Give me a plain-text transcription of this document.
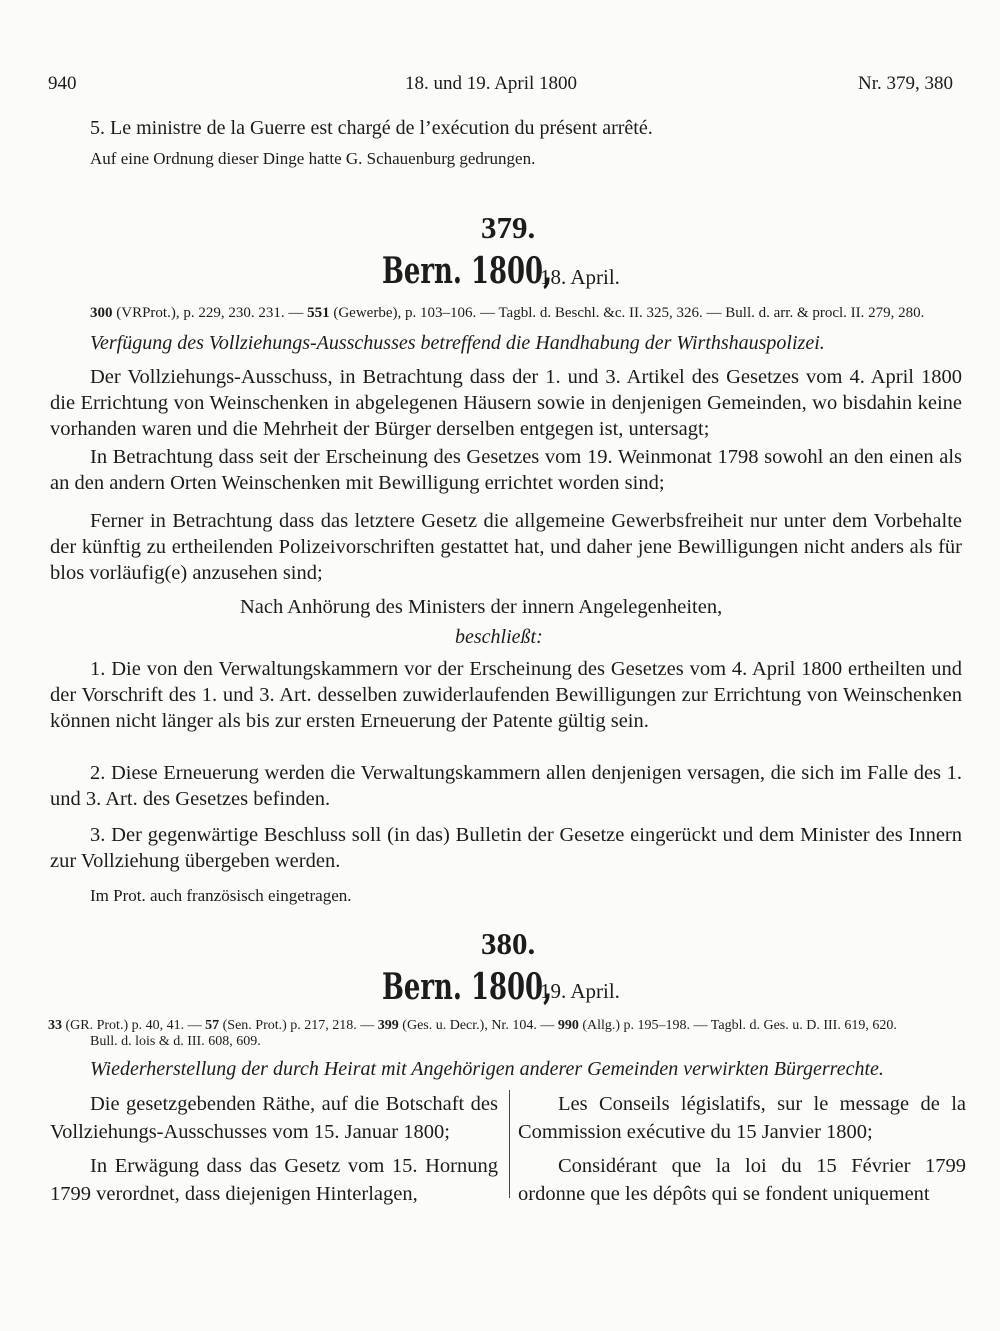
940	18. und 19. April 1800	Nr. 379, 380
5. Le ministre de la Guerre est chargé de l’exécution du présent arrêté.
Auf eine Ordnung dieser Dinge hatte G. Schauenburg gedrungen.
379.
Bern. 1800,
18. April.
300 (VRProt.), p. 229, 230. 231. — 551 (Gewerbe), p. 103–106. — Tagbl. d. Beschl. &c. II. 325, 326. — Bull. d. arr. & procl. II. 279, 280.
Verfügung des Vollziehungs-Ausschusses betreffend die Handhabung der Wirthshauspolizei.
Der Vollziehungs-Ausschuss, in Betrachtung dass der 1. und 3. Artikel des Gesetzes vom 4. April 1800 die Errichtung von Weinschenken in abgelegenen Häusern sowie in denjenigen Gemeinden, wo bisdahin keine vorhanden waren und die Mehrheit der Bürger derselben entgegen ist, untersagt;
In Betrachtung dass seit der Erscheinung des Gesetzes vom 19. Weinmonat 1798 sowohl an den einen als an den andern Orten Weinschenken mit Bewilligung errichtet worden sind;
Ferner in Betrachtung dass das letztere Gesetz die allgemeine Gewerbsfreiheit nur unter dem Vorbehalte der künftig zu ertheilenden Polizeivorschriften gestattet hat, und daher jene Bewilligungen nicht anders als für blos vorläufig(e) anzusehen sind;
Nach Anhörung des Ministers der innern Angelegenheiten,
beschließt:
1. Die von den Verwaltungskammern vor der Erscheinung des Gesetzes vom 4. April 1800 ertheilten und der Vorschrift des 1. und 3. Art. desselben zuwiderlaufenden Bewilligungen zur Errichtung von Weinschenken können nicht länger als bis zur ersten Erneuerung der Patente gültig sein.
2. Diese Erneuerung werden die Verwaltungskammern allen denjenigen versagen, die sich im Falle des 1. und 3. Art. des Gesetzes befinden.
3. Der gegenwärtige Beschluss soll (in das) Bulletin der Gesetze eingerückt und dem Minister des Innern zur Vollziehung übergeben werden.
Im Prot. auch französisch eingetragen.
380.
Bern. 1800,
19. April.
33 (GR. Prot.) p. 40, 41. — 57 (Sen. Prot.) p. 217, 218. — 399 (Ges. u. Decr.), Nr. 104. — 990 (Allg.) p. 195–198. — Tagbl. d. Ges. u. D. III. 619, 620.
Bull. d. lois & d. III. 608, 609.
Wiederherstellung der durch Heirat mit Angehörigen anderer Gemeinden verwirkten Bürgerrechte.
Die gesetzgebenden Räthe, auf die Botschaft des Vollziehungs-Ausschusses vom 15. Januar 1800;
In Erwägung dass das Gesetz vom 15. Hornung 1799 verordnet, dass diejenigen Hinterlagen,
Les Conseils législatifs, sur le message de la Commission exécutive du 15 Janvier 1800;
Considérant que la loi du 15 Février 1799 ordonne que les dépôts qui se fondent uniquement
